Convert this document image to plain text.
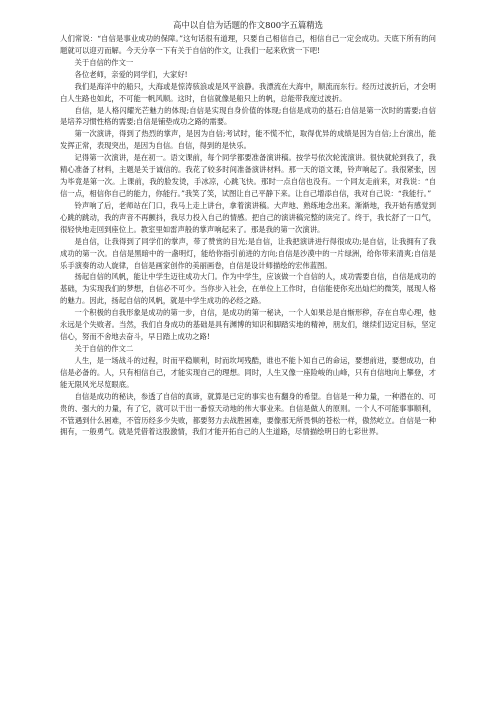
高中以自信为话题的作文800字五篇精选

人们常说：“自信是事业成功的保障。”这句话很有道理，只要自己相信自己，相信自己一定会成功。天底下所有的问题就可以迎刃而解。今天分享一下有关于自信的作文，让我们一起来欣赏一下吧!

关于自信的作文一

各位老师，亲爱的同学们，大家好!

我们是海洋中的船只，大海或是惊涛骇浪或是风平浪静。我漂流在大海中，顺流而东行。经历过波折后，才会明白人生路也如此，不可能一帆风顺。这时，自信就像是船只上的帆，总能带我度过波折。

自信，是人格闪耀光芒魅力的体现;自信是实现自身价值的体现;自信是成功的基石;自信是第一次时的需要;自信是培养习惯性格的需要;自信是铺垫成功之路的需要。

第一次演讲，得到了热烈的掌声，是因为自信;考试时，能不慌不忙，取得优异的成绩是因为自信;上台演出，能发挥正常，表现突出，是因为自信。自信，得到的是快乐。

记得第一次演讲，是在初一。语文课前，每个同学都要准备演讲稿。按学号依次轮流演讲。很快就轮到我了，我精心准备了材料，主题是关于诚信的。我花了较多时间准备演讲材料。那一天的语文课，铃声响起了。我很紧张，因为毕竟是第一次。上课前，我的脸发烫，手冰凉，心跳飞快。那时一点自信也没有。一个同友走前来，对我说：“自信一点，相信你自己的能力，你能行。”我笑了笑，试图让自己平静下来。让自己增添自信，我对自己说：“我能行。”

铃声响了后，老师站在门口，我马上走上讲台，拿着演讲稿。大声地、熟练地念出来。渐渐地，我开始有感觉到心跳的跳动，我的声音不再颤抖，我尽力投入自己的情感。把自己的演讲稿完整的读完了。终于，我长舒了一口气，很轻快地走回到座位上。教室里如雷声般的掌声响起来了。那是我的第一次演讲。

是自信，让我得到了同学们的掌声，带了赞赏的目光;是自信，让我把演讲进行得很成功;是自信，让我拥有了我成功的第一次。自信是黑暗中的一盏明灯，能给你指引前进的方向;自信是沙漠中的一片绿洲，给你带来清爽;自信是乐手演奏的动人旋律，自信是画家创作的美丽画卷，自信是设计师描绘的宏伟蓝图。

扬起自信的风帆，能让中学生迈往成功大门。作为中学生，应该做一个自信的人，成功需要自信，自信是成功的基础，为实现我们的梦想，自信必不可少。当你步入社会，在单位上工作时，自信能使你充出灿烂的微笑，展现人格的魅力。因此，扬起自信的风帆，就是中学生成功的必经之路。

一个积极的自我形象是成功的第一步，自信，是成功的第一秘诀，一个人如果总是自惭形秽，存在自卑心理，他永远是个失败者。当然，我们自身成功的基础是具有渊博的知识和脚踏实地的精神，朋友们，继续们迈定目标，坚定信心，努而不舍地去奋斗，早日踏上成功之路!

关于自信的作文二

人生，是一场战斗的过程，时而平稳顺利，时而坎坷残酷，谁也不能卜知自己的命运，要想前进，要想成功，自信是必备的。人，只有相信自己，才能实现自己的理想。同时，人生又像一座险峻的山峰，只有自信地向上攀登，才能无限风光尽览眼底。

自信是成功的秘诀，参透了自信的真谛，就算是已定的事实也有翻身的希望。自信是一种力量，一种潜在的、可贵的、强大的力量，有了它，就可以干出一番惊天动地的伟大事业来。自信是做人的原则。一个人不可能事事顺利，不管遇到什么困难，不管历经多少失败，都要努力去战胜困难，要像那无所畏惧的苍松一样，傲然屹立。自信是一种拥有，一般勇气。就是凭借着这股激情，我们才能开拓自己的人生道路，尽情描绘明日的七彩世界。
